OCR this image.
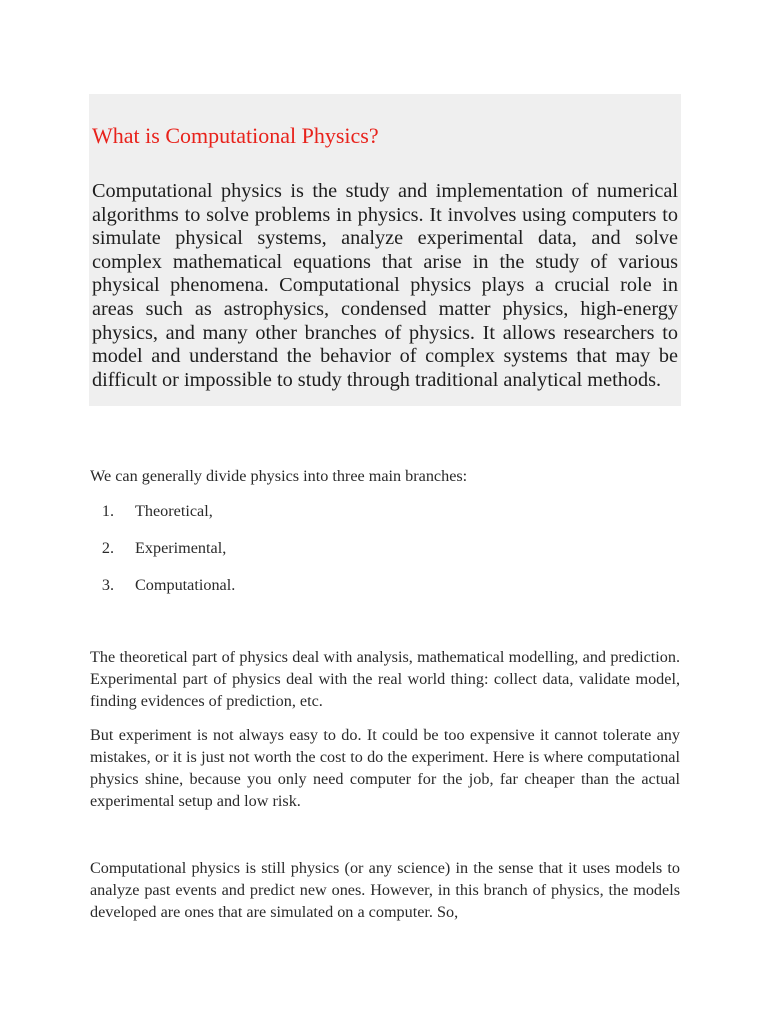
What is Computational Physics?

Computational physics is the study and implementation of numerical algorithms to solve problems in physics. It involves using computers to simulate physical systems, analyze experimental data, and solve complex mathematical equations that arise in the study of various physical phenomena. Computational physics plays a crucial role in areas such as astrophysics, condensed matter physics, high-energy physics, and many other branches of physics. It allows researchers to model and understand the behavior of complex systems that may be difficult or impossible to study through traditional analytical methods.

We can generally divide physics into three main branches:

1. Theoretical,
2. Experimental,
3. Computational.

The theoretical part of physics deal with analysis, mathematical modelling, and prediction. Experimental part of physics deal with the real world thing: collect data, validate model, finding evidences of prediction, etc.

But experiment is not always easy to do. It could be too expensive it cannot tolerate any mistakes, or it is just not worth the cost to do the experiment. Here is where computational physics shine, because you only need computer for the job, far cheaper than the actual experimental setup and low risk.

Computational physics is still physics (or any science) in the sense that it uses models to analyze past events and predict new ones. However, in this branch of physics, the models developed are ones that are simulated on a computer. So,
